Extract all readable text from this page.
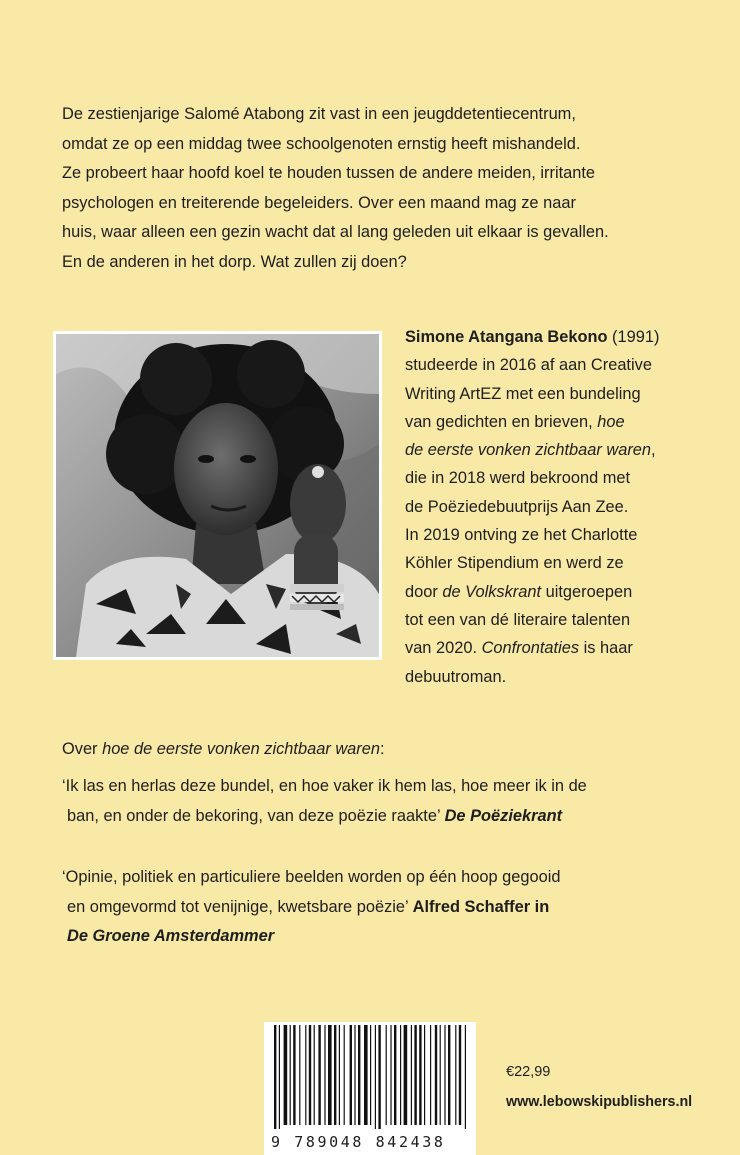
De zestienjarige Salomé Atabong zit vast in een jeugddetentiecentrum,
omdat ze op een middag twee schoolgenoten ernstig heeft mishandeld.
Ze probeert haar hoofd koel te houden tussen de andere meiden, irritante
psychologen en treiterende begeleiders. Over een maand mag ze naar
huis, waar alleen een gezin wacht dat al lang geleden uit elkaar is gevallen.
En de anderen in het dorp. Wat zullen zij doen?

Simone Atangana Bekono (1991)
studeerde in 2016 af aan Creative
Writing ArtEZ met een bundeling
van gedichten en brieven, hoe
de eerste vonken zichtbaar waren,
die in 2018 werd bekroond met
de Poëziedebuutprijs Aan Zee.
In 2019 ontving ze het Charlotte
Köhler Stipendium en werd ze
door de Volkskrant uitgeroepen
tot een van dé literaire talenten
van 2020. Confrontaties is haar
debuutroman.

Over hoe de eerste vonken zichtbaar waren:

‘Ik las en herlas deze bundel, en hoe vaker ik hem las, hoe meer ik in de
ban, en onder de bekoring, van deze poëzie raakte’ De Poëziekrant

‘Opinie, politiek en particuliere beelden worden op één hoop gegooid
en omgevormd tot venijnige, kwetsbare poëzie’ Alfred Schaffer in
De Groene Amsterdammer

9 789048 842438

€22,99

www.lebowskipublishers.nl
